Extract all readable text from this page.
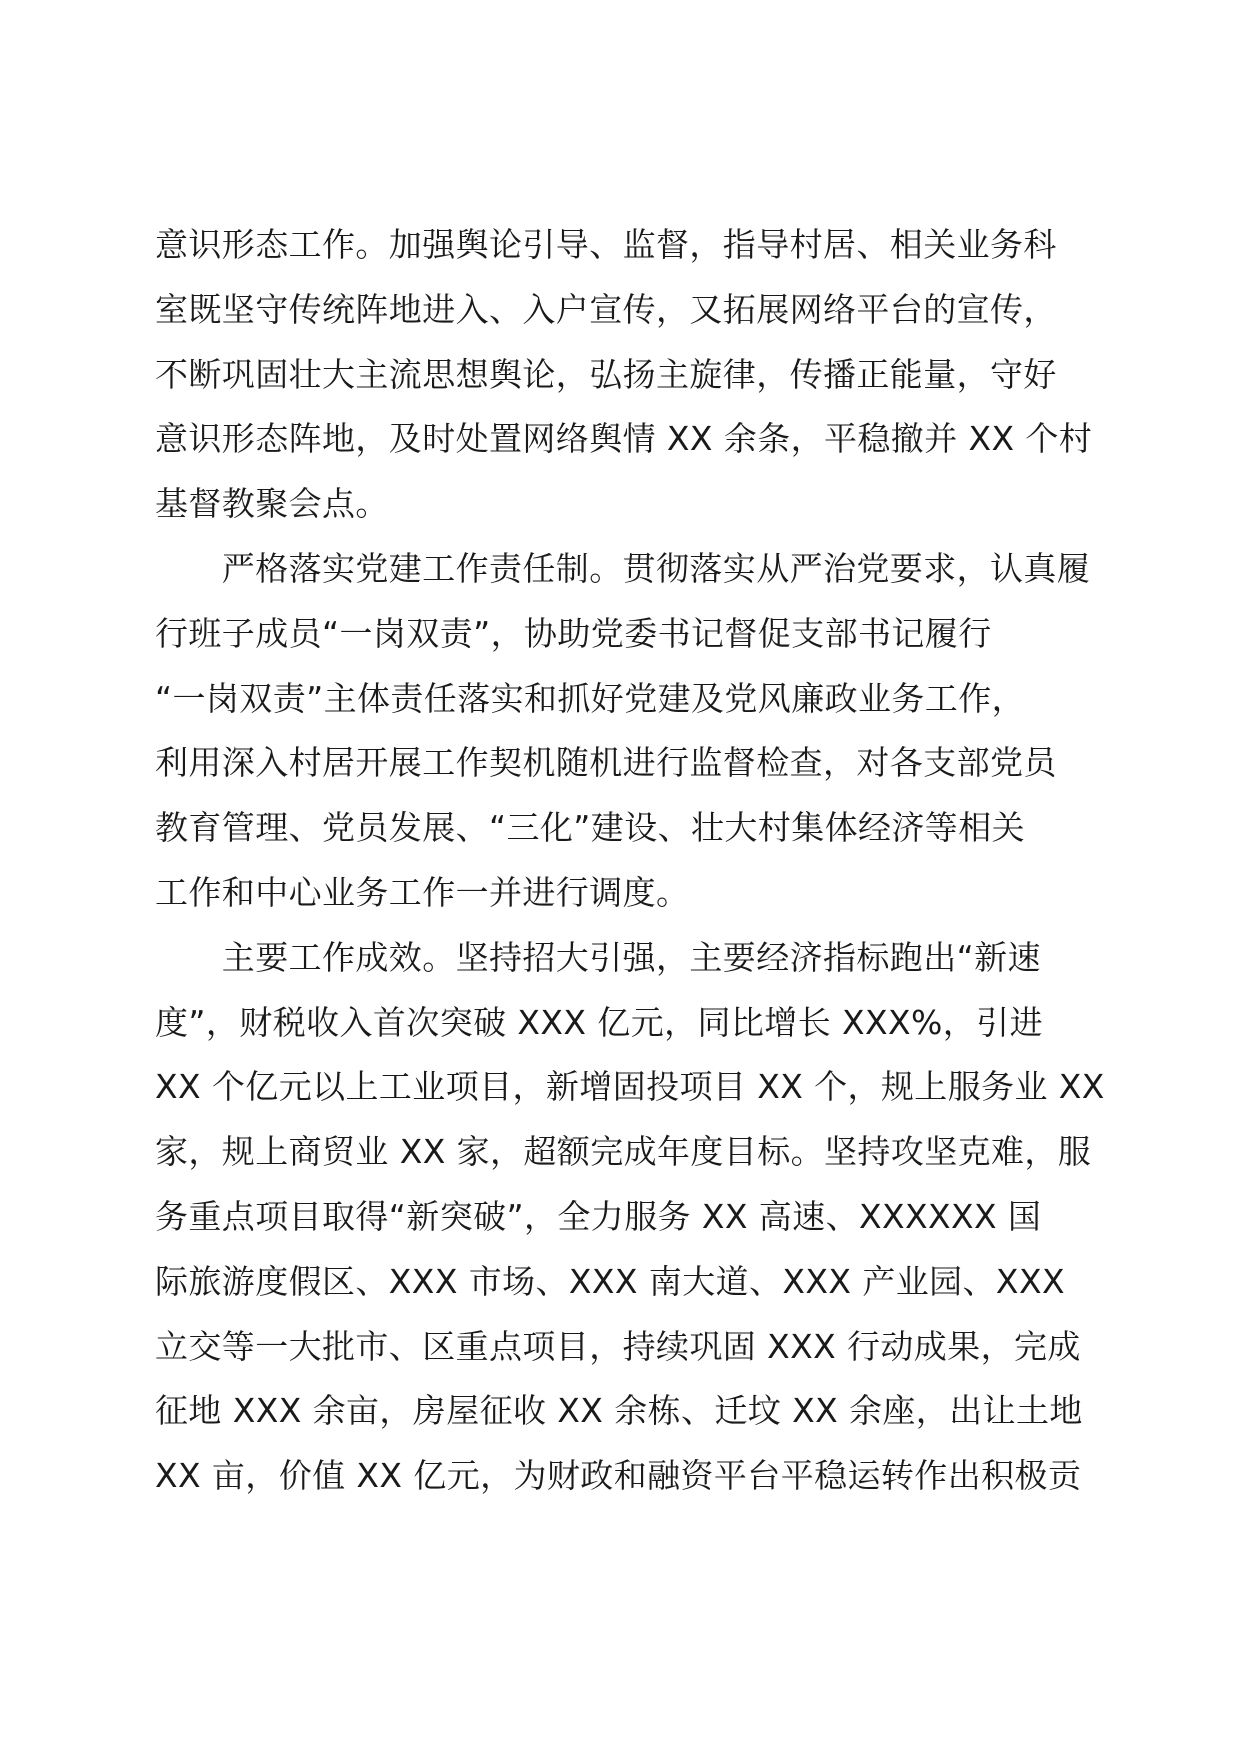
意识形态工作。加强舆论引导、监督，指导村居、相关业务科
室既坚守传统阵地进入、入户宣传，又拓展网络平台的宣传，
不断巩固壮大主流思想舆论，弘扬主旋律，传播正能量，守好
意识形态阵地，及时处置网络舆情 XX 余条，平稳撤并 XX 个村
基督教聚会点。
　　严格落实党建工作责任制。贯彻落实从严治党要求，认真履
行班子成员“一岗双责”，协助党委书记督促支部书记履行
“一岗双责”主体责任落实和抓好党建及党风廉政业务工作，
利用深入村居开展工作契机随机进行监督检查，对各支部党员
教育管理、党员发展、“三化”建设、壮大村集体经济等相关
工作和中心业务工作一并进行调度。
　　主要工作成效。坚持招大引强，主要经济指标跑出“新速
度”，财税收入首次突破 XXX 亿元，同比增长 XXX%，引进
XX 个亿元以上工业项目，新增固投项目 XX 个，规上服务业 XX
家，规上商贸业 XX 家，超额完成年度目标。坚持攻坚克难，服
务重点项目取得“新突破”，全力服务 XX 高速、XXXXXX 国
际旅游度假区、XXX 市场、XXX 南大道、XXX 产业园、XXX
立交等一大批市、区重点项目，持续巩固 XXX 行动成果，完成
征地 XXX 余亩，房屋征收 XX 余栋、迁坟 XX 余座，出让土地
XX 亩，价值 XX 亿元，为财政和融资平台平稳运转作出积极贡
